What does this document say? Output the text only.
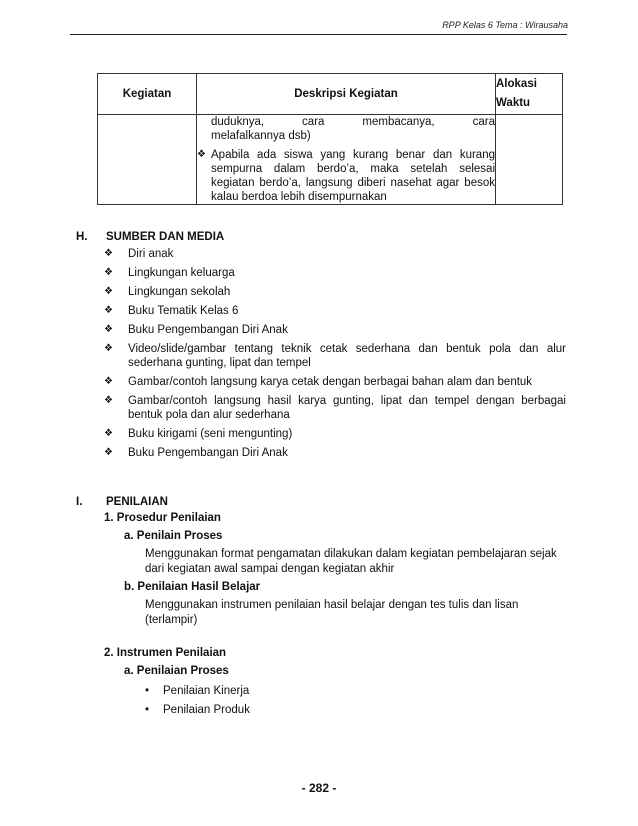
RPP Kelas 6 Tema : Wirausaha
Kegiatan	Deskripsi Kegiatan	Alokasi
Waktu

	duduknya, cara membacanya, cara
melafalkannya dsb)
❖ Apabila ada siswa yang kurang benar dan kurang sempurna dalam berdo’a, maka setelah selesai kegiatan berdo’a, langsung diberi nasehat agar besok kalau berdoa lebih disempurnakan	

H.	SUMBER DAN MEDIA
❖	Diri anak
❖	Lingkungan keluarga
❖	Lingkungan sekolah
❖	Buku Tematik Kelas 6
❖	Buku Pengembangan Diri Anak
❖	Video/slide/gambar tentang teknik cetak sederhana dan bentuk pola dan alur sederhana gunting, lipat dan tempel
❖	Gambar/contoh langsung karya cetak dengan berbagai bahan alam dan bentuk
❖	Gambar/contoh langsung hasil karya gunting, lipat dan tempel dengan berbagai bentuk pola dan alur sederhana
❖	Buku kirigami (seni mengunting)
❖	Buku Pengembangan Diri Anak
I.	PENILAIAN
1. Prosedur Penilaian
a. Penilain Proses
Menggunakan format pengamatan dilakukan dalam kegiatan pembelajaran sejak dari kegiatan awal sampai dengan kegiatan akhir
b. Penilaian Hasil Belajar
Menggunakan instrumen penilaian hasil belajar dengan tes tulis dan lisan (terlampir)
2. Instrumen Penilaian
a. Penilaian Proses
•	Penilaian Kinerja
•	Penilaian Produk
- 282 -
